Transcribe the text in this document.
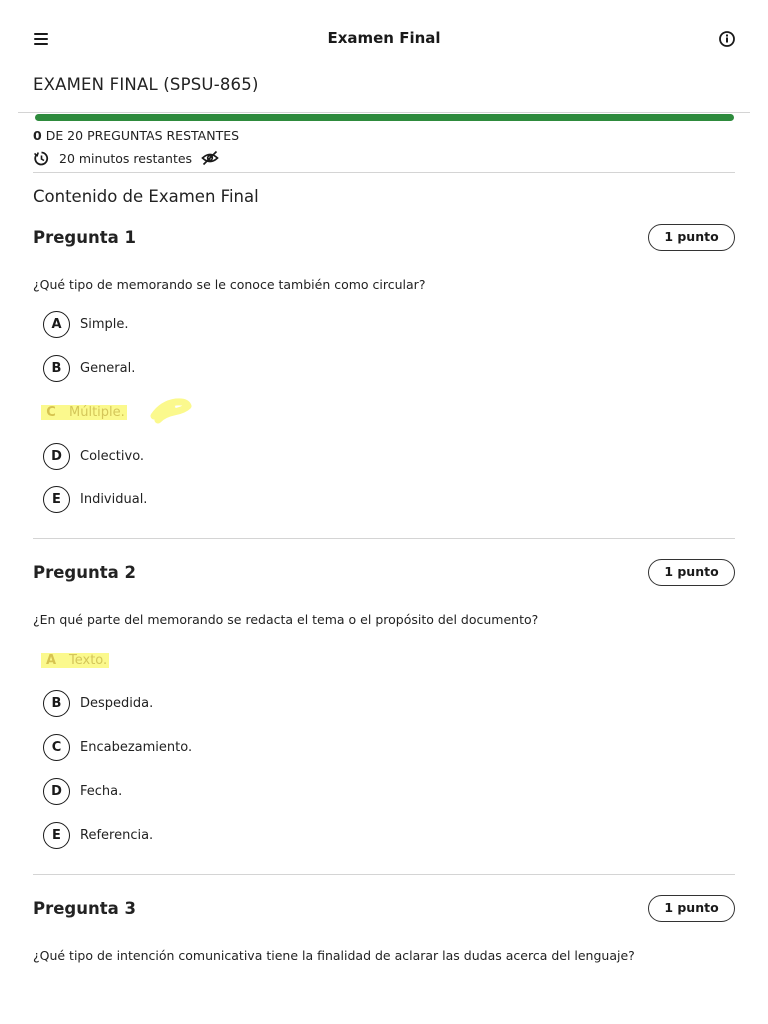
Examen Final
EXAMEN FINAL (SPSU-865)
0 DE 20 PREGUNTAS RESTANTES
20 minutos restantes
Contenido de Examen Final
Pregunta 1	1 punto
¿Qué tipo de memorando se le conoce también como circular?
A	Simple.
B	General.
C	Múltiple.
D	Colectivo.
E	Individual.
Pregunta 2	1 punto
¿En qué parte del memorando se redacta el tema o el propósito del documento?
A Texto.
B	Despedida.
C	Encabezamiento.
D	Fecha.
E	Referencia.
Pregunta 3	1 punto
¿Qué tipo de intención comunicativa tiene la finalidad de aclarar las dudas acerca del lenguaje?
